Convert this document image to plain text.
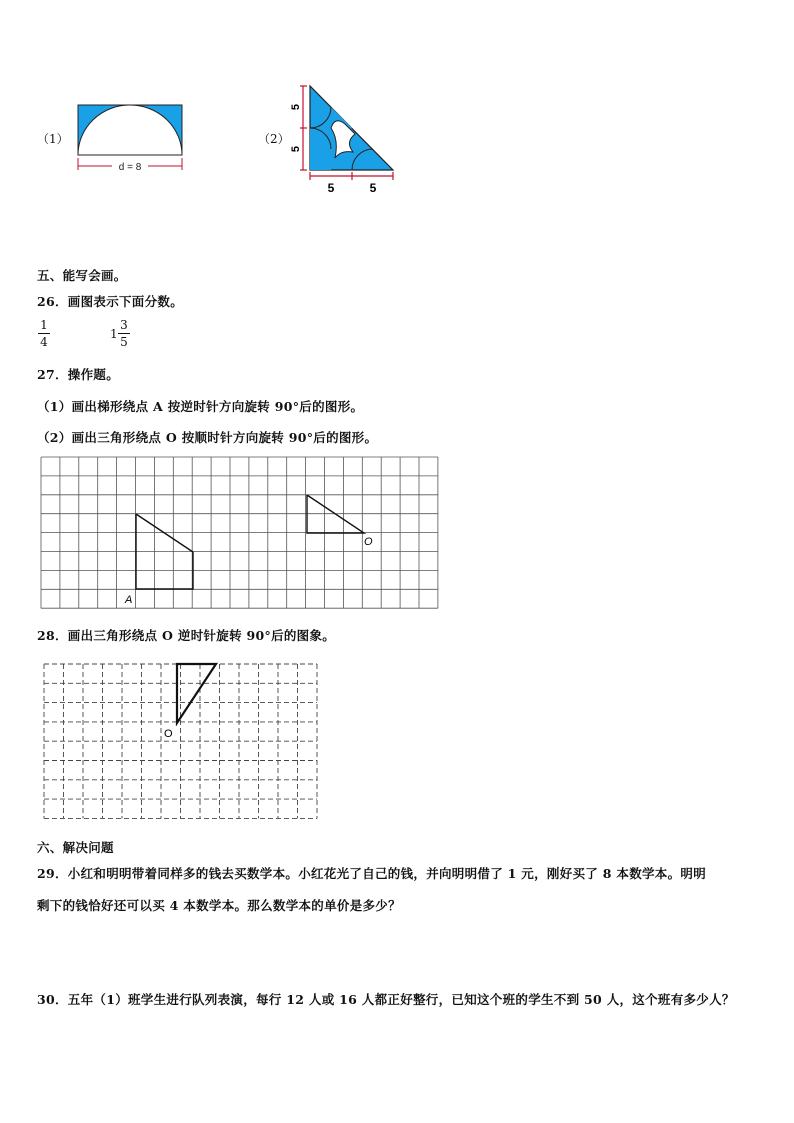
（1）
d = 8
（2）
5
5
5	5
五、能写会画。
26．画图表示下面分数。
1
4
1
3
5
27．操作题。
（1）画出梯形绕点 A 按逆时针方向旋转 90°后的图形。
（2）画出三角形绕点 O 按顺时针方向旋转 90°后的图形。
A
O
28．画出三角形绕点 O 逆时针旋转 90°后的图象。
O
六、解决问题
29．小红和明明带着同样多的钱去买数学本。小红花光了自己的钱，并向明明借了 1 元，刚好买了 8 本数学本。明明
剩下的钱恰好还可以买 4 本数学本。那么数学本的单价是多少？
30．五年（1）班学生进行队列表演，每行 12 人或 16 人都正好整行，已知这个班的学生不到 50 人，这个班有多少人？
